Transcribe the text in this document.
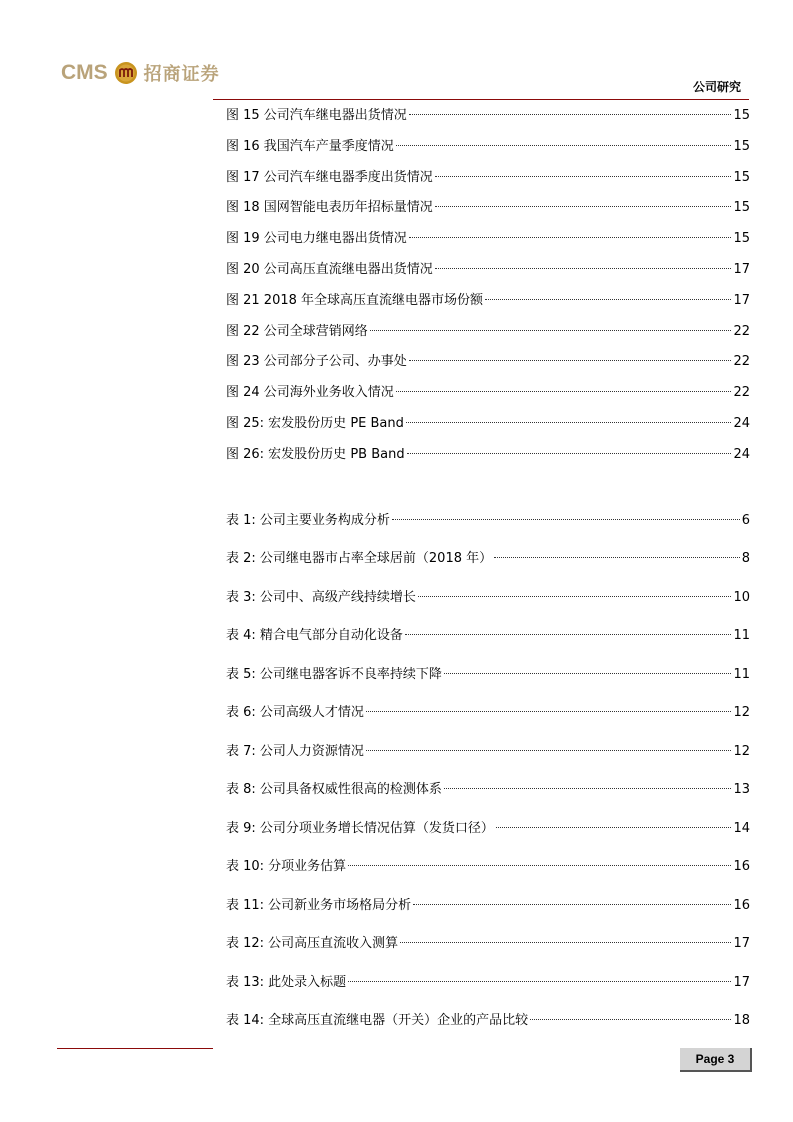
CMS 招商证券
公司研究
图 15 公司汽车继电器出货情况	15
图 16 我国汽车产量季度情况	15
图 17 公司汽车继电器季度出货情况	15
图 18 国网智能电表历年招标量情况	15
图 19 公司电力继电器出货情况	15
图 20 公司高压直流继电器出货情况	17
图 21 2018 年全球高压直流继电器市场份额	17
图 22 公司全球营销网络	22
图 23 公司部分子公司、办事处	22
图 24 公司海外业务收入情况	22
图 25: 宏发股份历史 PE Band	24
图 26: 宏发股份历史 PB Band	24
表 1: 公司主要业务构成分析	6
表 2: 公司继电器市占率全球居前（2018 年）	8
表 3: 公司中、高级产线持续增长	10
表 4: 精合电气部分自动化设备	11
表 5: 公司继电器客诉不良率持续下降	11
表 6: 公司高级人才情况	12
表 7: 公司人力资源情况	12
表 8: 公司具备权威性很高的检测体系	13
表 9: 公司分项业务增长情况估算（发货口径）	14
表 10: 分项业务估算	16
表 11: 公司新业务市场格局分析	16
表 12: 公司高压直流收入测算	17
表 13: 此处录入标题	17
表 14: 全球高压直流继电器（开关）企业的产品比较	18
Page 3
